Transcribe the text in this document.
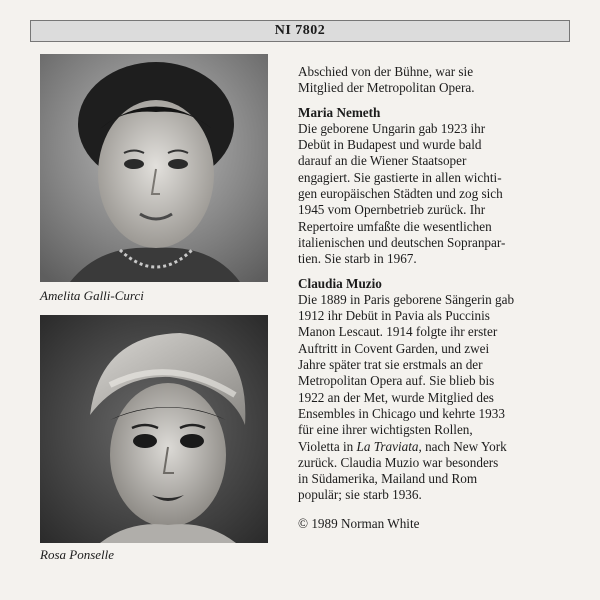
NI 7802
Amelita Galli-Curci
Rosa Ponselle

Abschied von der Bühne, war sie

Mitglied der Metropolitan Opera.

Maria Nemeth

Die geborene Ungarin gab 1923 ihr

Debüt in Budapest und wurde bald

darauf an die Wiener Staatsoper

engagiert. Sie gastierte in allen wichti-

gen europäischen Städten und zog sich

1945 vom Opernbetrieb zurück. Ihr

Repertoire umfaßte die wesentlichen

italienischen und deutschen Sopranpar-

tien. Sie starb in 1967.

Claudia Muzio

Die 1889 in Paris geborene Sängerin gab

1912 ihr Debüt in Pavia als Puccinis

Manon Lescaut. 1914 folgte ihr erster

Auftritt in Covent Garden, und zwei

Jahre später trat sie erstmals an der

Metropolitan Opera auf. Sie blieb bis

1922 an der Met, wurde Mitglied des

Ensembles in Chicago und kehrte 1933

für eine ihrer wichtigsten Rollen,

Violetta in La Traviata, nach New York

zurück. Claudia Muzio war besonders

in Südamerika, Mailand und Rom

populär; sie starb 1936.

© 1989 Norman White
